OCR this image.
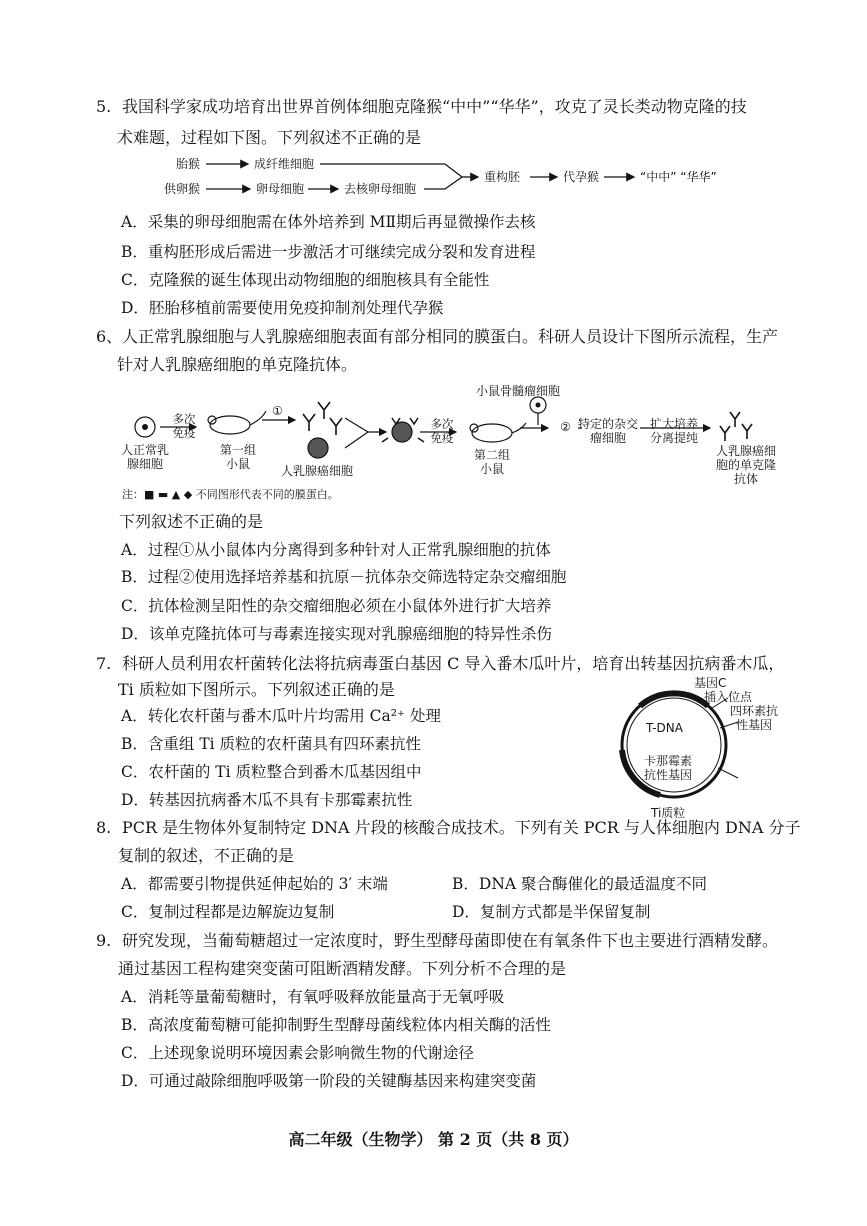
5. 我国科学家成功培育出世界首例体细胞克隆猴“中中”“华华”，攻克了灵长类动物克隆的技
术难题，过程如下图。下列叙述不正确的是
胎猴	成纤维细胞
供卵猴	卵母细胞	去核卵母细胞
重构胚	代孕猴	“中中” “华华”
A．采集的卵母细胞需在体外培养到 MⅡ期后再显微操作去核
B．重构胚形成后需进一步激活才可继续完成分裂和发育进程
C．克隆猴的诞生体现出动物细胞的细胞核具有全能性
D．胚胎移植前需要使用免疫抑制剂处理代孕猴
6、 人正常乳腺细胞与人乳腺癌细胞表面有部分相同的膜蛋白。科研人员设计下图所示流程，生产
针对人乳腺癌细胞的单克隆抗体。
人正常乳腺细胞
多次免疫
第一组小鼠
①
人乳腺癌细胞
小鼠骨髓瘤细胞
多次免疫
第二组小鼠
② 特定的杂交瘤细胞
扩大培养分离提纯
人乳腺癌细胞的单克隆抗体
注：■ ▬ ▲ ◆ 不同图形代表不同的膜蛋白。
下列叙述不正确的是
A．过程①从小鼠体内分离得到多种针对人正常乳腺细胞的抗体
B．过程②使用选择培养基和抗原－抗体杂交筛选特定杂交瘤细胞
C．抗体检测呈阳性的杂交瘤细胞必须在小鼠体外进行扩大培养
D．该单克隆抗体可与毒素连接实现对乳腺癌细胞的特异性杀伤
7. 科研人员利用农杆菌转化法将抗病毒蛋白基因 C 导入番木瓜叶片，培育出转基因抗病番木瓜，
Ti 质粒如下图所示。下列叙述正确的是
A．转化农杆菌与番木瓜叶片均需用 Ca²⁺ 处理
B．含重组 Ti 质粒的农杆菌具有四环素抗性
C．农杆菌的 Ti 质粒整合到番木瓜基因组中
D．转基因抗病番木瓜不具有卡那霉素抗性
基因C
插入位点
T-DNA
四环素抗性基因
卡那霉素抗性基因
Ti质粒
8. PCR 是生物体外复制特定 DNA 片段的核酸合成技术。下列有关 PCR 与人体细胞内 DNA 分子
复制的叙述，不正确的是
A．都需要引物提供延伸起始的 3′ 末端	B．DNA 聚合酶催化的最适温度不同
C．复制过程都是边解旋边复制	D．复制方式都是半保留复制
9. 研究发现，当葡萄糖超过一定浓度时，野生型酵母菌即使在有氧条件下也主要进行酒精发酵。
通过基因工程构建突变菌可阻断酒精发酵。下列分析不合理的是
A．消耗等量葡萄糖时，有氧呼吸释放能量高于无氧呼吸
B．高浓度葡萄糖可能抑制野生型酵母菌线粒体内相关酶的活性
C．上述现象说明环境因素会影响微生物的代谢途径
D．可通过敲除细胞呼吸第一阶段的关键酶基因来构建突变菌
高二年级（生物学） 第 2 页（共 8 页）
